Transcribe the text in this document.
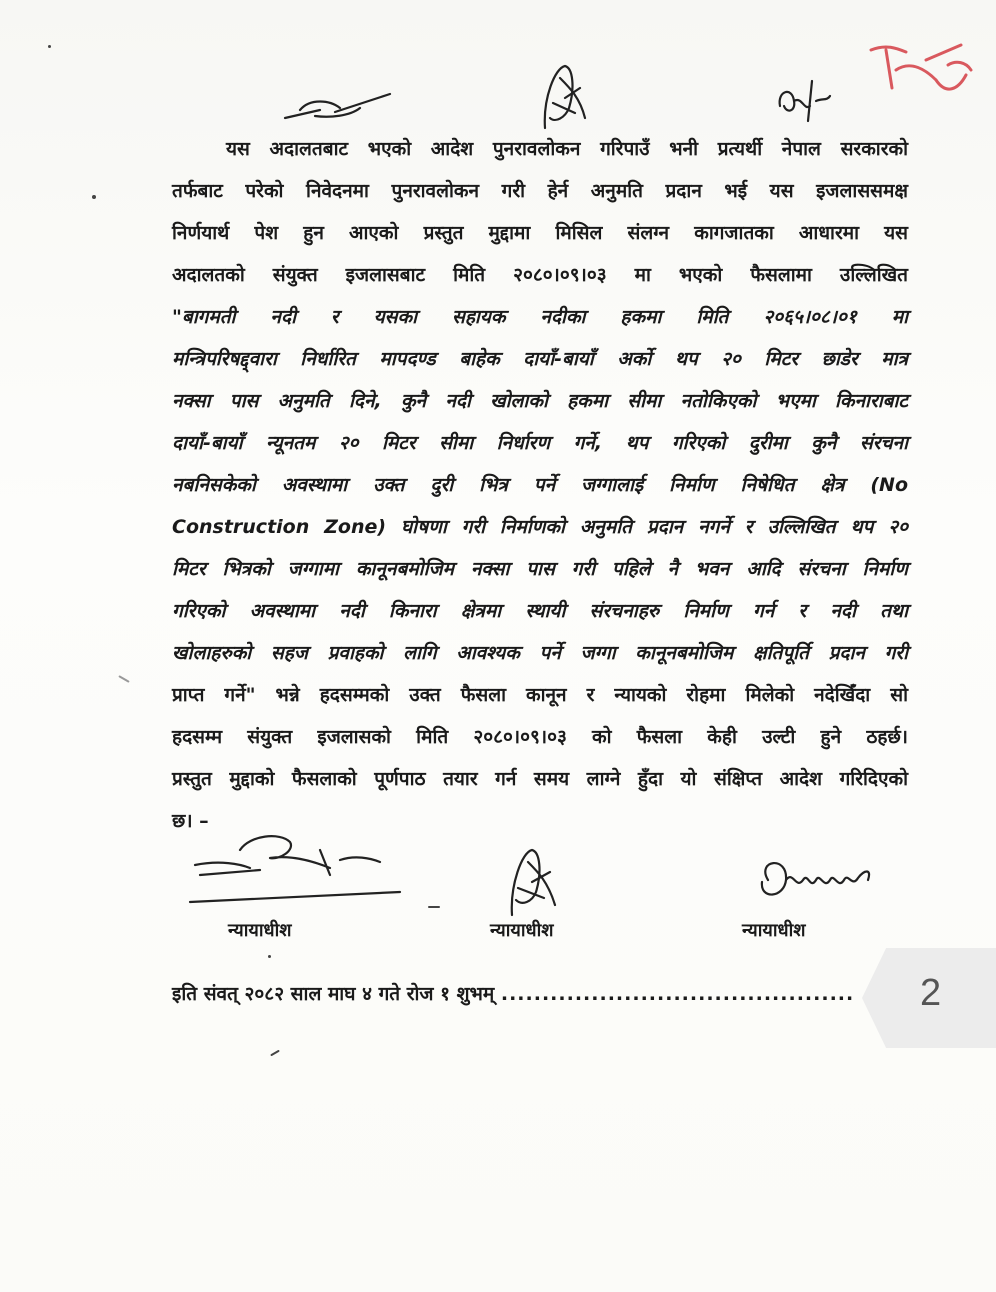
यस अदालतबाट भएको आदेश पुनरावलोकन गरिपाउँ भनी प्रत्यर्थी नेपाल सरकारको
तर्फबाट परेको निवेदनमा पुनरावलोकन गरी हेर्न अनुमति प्रदान भई यस इजलाससमक्ष
निर्णयार्थ पेश हुन आएको प्रस्तुत मुद्दामा मिसिल संलग्न कागजातका आधारमा यस
अदालतको संयुक्त इजलासबाट मिति २०८०।०९।०३ मा भएको फैसलामा उल्लिखित
"बागमती नदी र यसका सहायक नदीका हकमा मिति २०६५।०८।०१ मा
मन्त्रिपरिषद्द्वारा निर्धारित मापदण्ड बाहेक दायाँ-बायाँ अर्को थप २० मिटर छाडेर मात्र
नक्सा पास अनुमति दिने, कुनै नदी खोलाको हकमा सीमा नतोकिएको भएमा किनाराबाट
दायाँ-बायाँ न्यूनतम २० मिटर सीमा निर्धारण गर्ने, थप गरिएको दुरीमा कुनै संरचना
नबनिसकेको अवस्थामा उक्त दुरी भित्र पर्ने जग्गालाई निर्माण निषेधित क्षेत्र (No
Construction Zone) घोषणा गरी निर्माणको अनुमति प्रदान नगर्ने र उल्लिखित थप २०
मिटर भित्रको जग्गामा कानूनबमोजिम नक्सा पास गरी पहिले नै भवन आदि संरचना निर्माण
गरिएको अवस्थामा नदी किनारा क्षेत्रमा स्थायी संरचनाहरु निर्माण गर्न र नदी तथा
खोलाहरुको सहज प्रवाहको लागि आवश्यक पर्ने जग्गा कानूनबमोजिम क्षतिपूर्ति प्रदान गरी
प्राप्त गर्ने" भन्ने हदसम्मको उक्त फैसला कानून र न्यायको रोहमा मिलेको नदेखिँदा सो
हदसम्म संयुक्त इजलासको मिति २०८०।०९।०३ को फैसला केही उल्टी हुने ठहर्छ।
प्रस्तुत मुद्दाको फैसलाको पूर्णपाठ तयार गर्न समय लाग्ने हुँदा यो संक्षिप्त आदेश गरिदिएको
छ। –
न्यायाधीश	न्यायाधीश	न्यायाधीश
इति संवत् २०८२ साल माघ ४ गते रोज १ शुभम् ........................................... 2
